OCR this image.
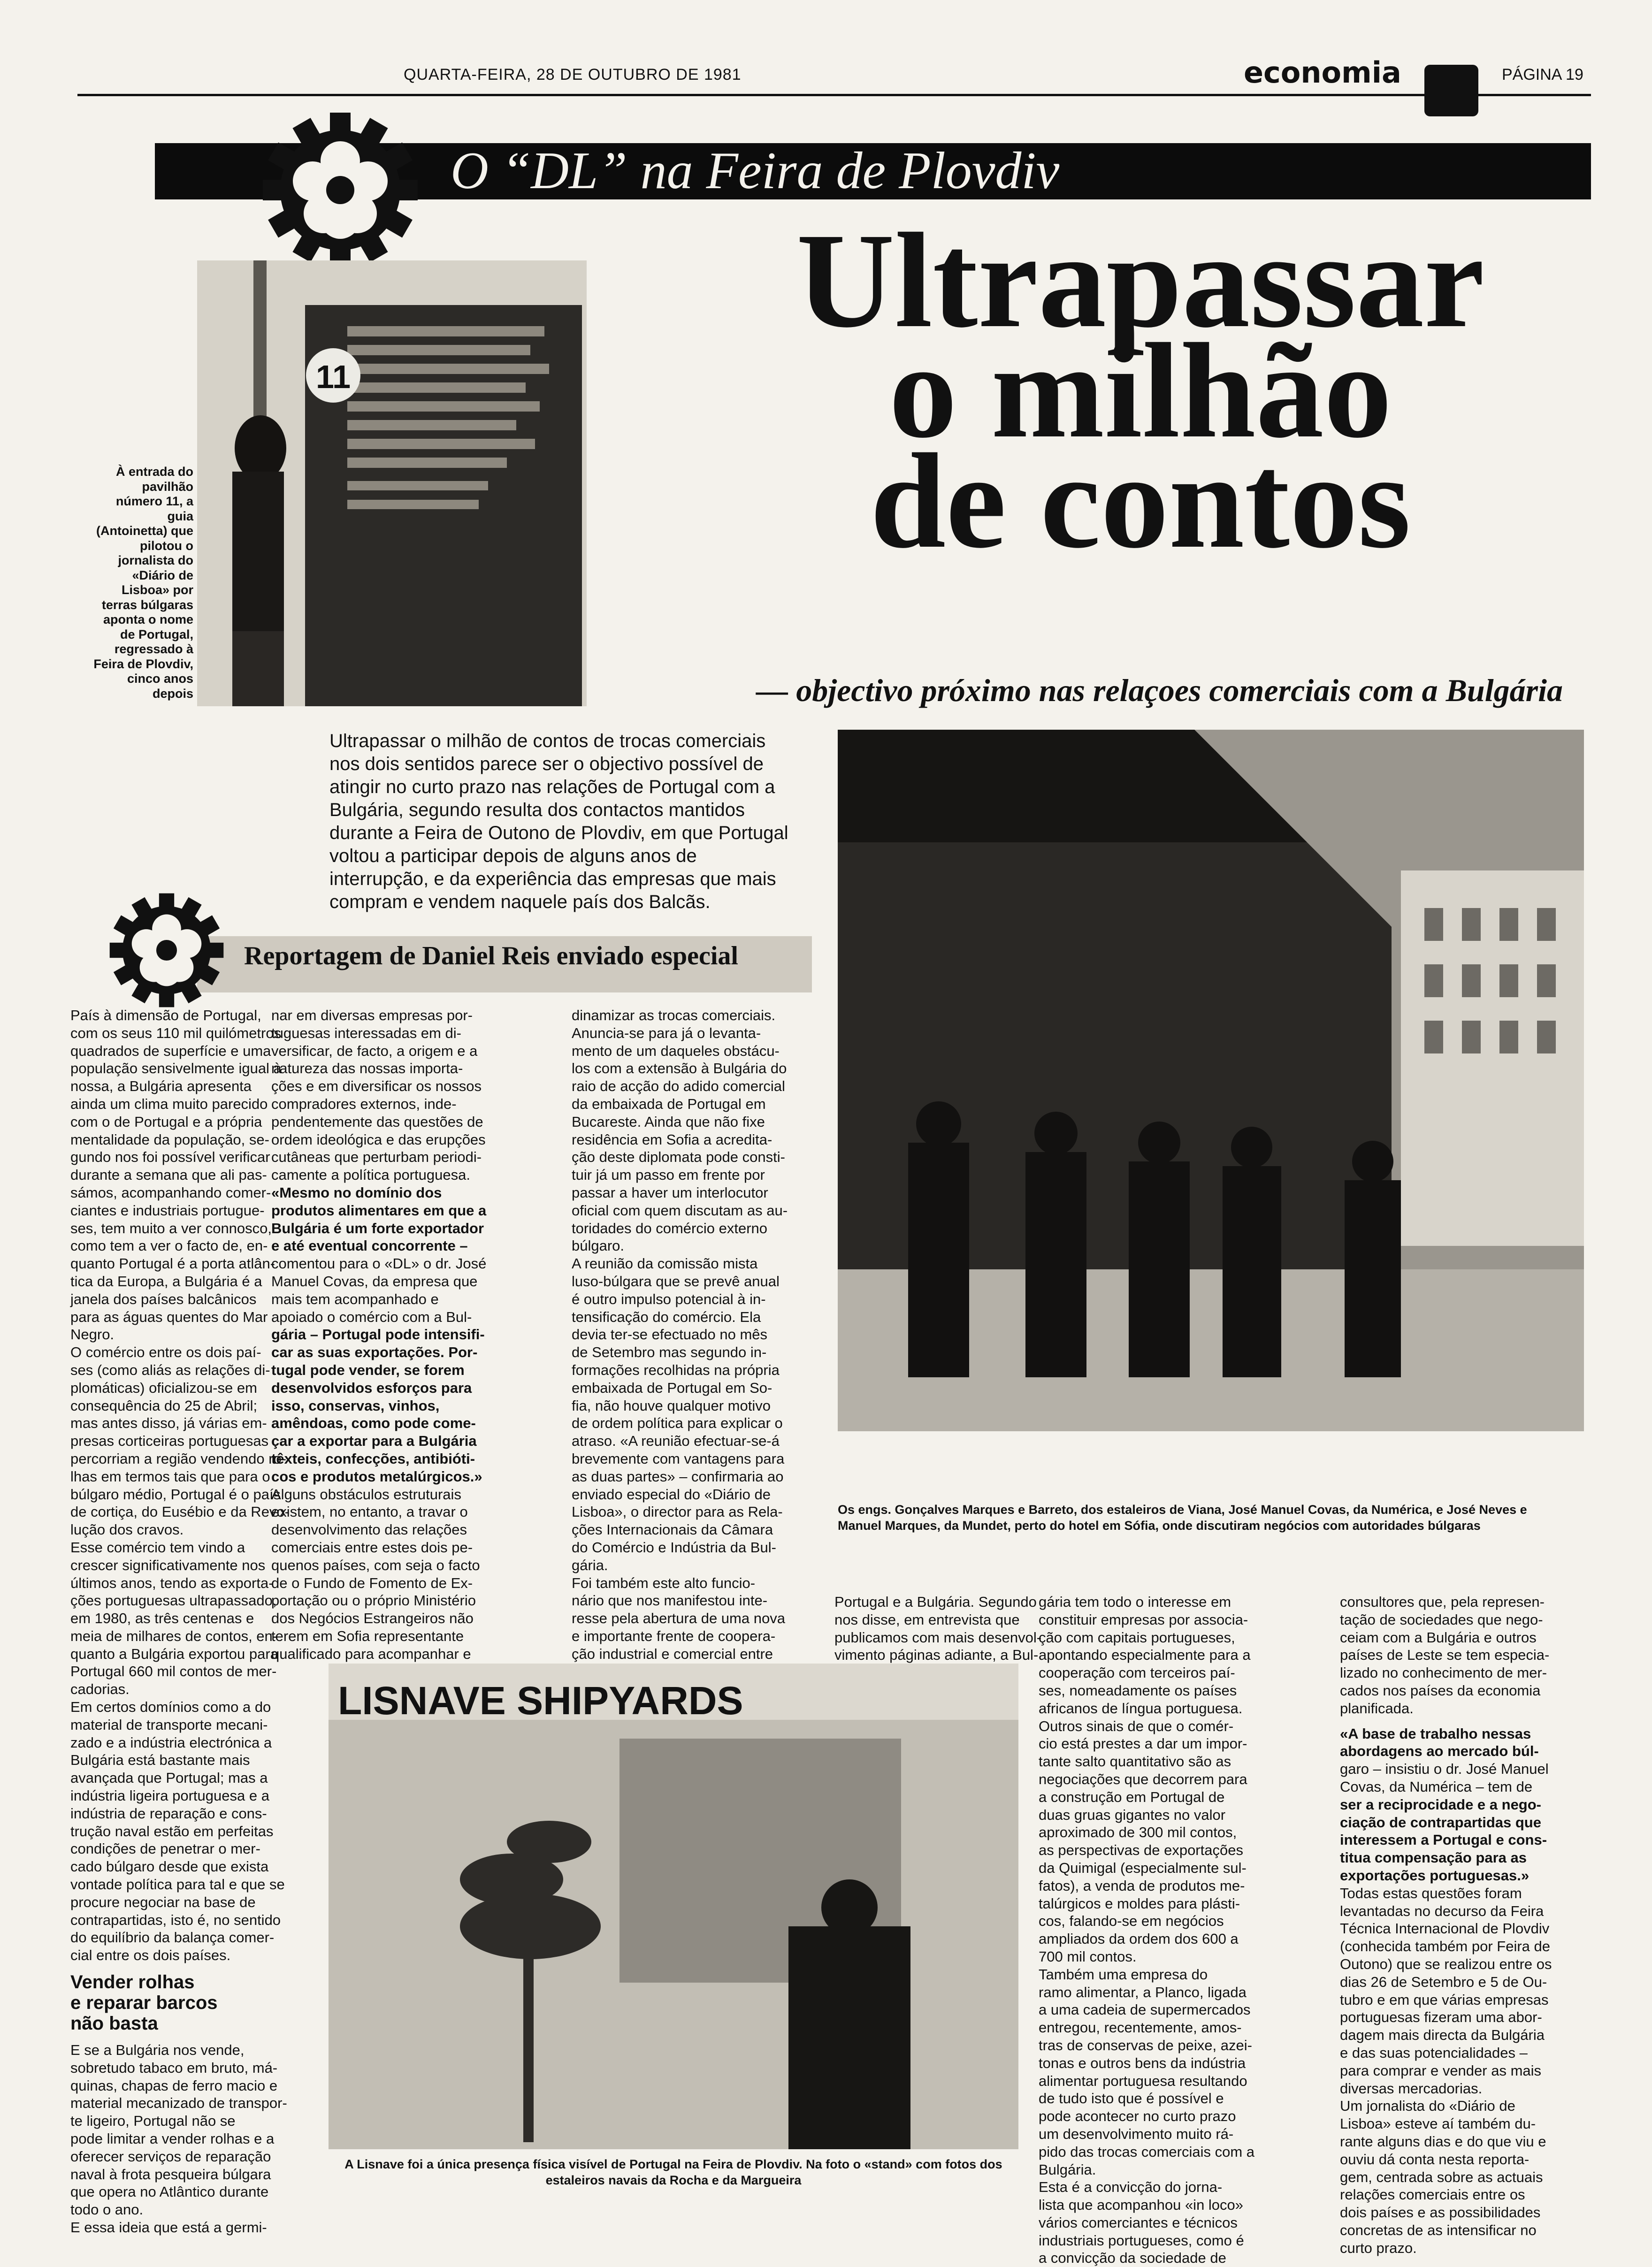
QUARTA-FEIRA, 28 DE OUTUBRO DE 1981	economia	PÁGINA 19
O “DL” na Feira de Plovdiv
11
À entrada do
pavilhão
número 11, a
guia
(Antoinetta) que
pilotou o
jornalista do
«Diário de
Lisboa» por
terras búlgaras
aponta o nome
de Portugal,
regressado à
Feira de Plovdiv,
cinco anos
depois
Ultrapassar
o milhão
de contos
— objectivo próximo nas relaçoes comerciais com a Bulgária
Ultrapassar o milhão de contos de trocas comerciais
nos dois sentidos parece ser o objectivo possível de
atingir no curto prazo nas relações de Portugal com a
Bulgária, segundo resulta dos contactos mantidos
durante a Feira de Outono de Plovdiv, em que Portugal
voltou a participar depois de alguns anos de
interrupção, e da experiência das empresas que mais
compram e vendem naquele país dos Balcãs.
Reportagem de Daniel Reis enviado especial
País à dimensão de Portugal,
com os seus 110 mil quilómetros
quadrados de superfície e uma
população sensivelmente igual à
nossa, a Bulgária apresenta
ainda um clima muito parecido
com o de Portugal e a própria
mentalidade da população, se-
gundo nos foi possível verificar
durante a semana que ali pas-
sámos, acompanhando comer-
ciantes e industriais portugue-
ses, tem muito a ver connosco,
como tem a ver o facto de, en-
quanto Portugal é a porta atlân-
tica da Europa, a Bulgária é a
janela dos países balcânicos
para as águas quentes do Mar
Negro.
O comércio entre os dois paí-
ses (como aliás as relações di-
plomáticas) oficializou-se em
consequência do 25 de Abril;
mas antes disso, já várias em-
presas corticeiras portuguesas
percorriam a região vendendo ro-
lhas em termos tais que para o
búlgaro médio, Portugal é o país
de cortiça, do Eusébio e da Revo-
lução dos cravos.
Esse comércio tem vindo a
crescer significativamente nos
últimos anos, tendo as exporta-
ções portuguesas ultrapassado,
em 1980, as três centenas e
meia de milhares de contos, en-
quanto a Bulgária exportou para
Portugal 660 mil contos de mer-
cadorias.
Em certos domínios como a do
material de transporte mecani-
zado e a indústria electrónica a
Bulgária está bastante mais
avançada que Portugal; mas a
indústria ligeira portuguesa e a
indústria de reparação e cons-
trução naval estão em perfeitas
condições de penetrar o mer-
cado búlgaro desde que exista
vontade política para tal e que se
procure negociar na base de
contrapartidas, isto é, no sentido
do equilíbrio da balança comer-
cial entre os dois países.
Vender rolhas
e reparar barcos
não basta
E se a Bulgária nos vende,
sobretudo tabaco em bruto, má-
quinas, chapas de ferro macio e
material mecanizado de transpor-
te ligeiro, Portugal não se
pode limitar a vender rolhas e a
oferecer serviços de reparação
naval à frota pesqueira búlgara
que opera no Atlântico durante
todo o ano.
E essa ideia que está a germi-
nar em diversas empresas por-
tuguesas interessadas em di-
versificar, de facto, a origem e a
natureza das nossas importa-
ções e em diversificar os nossos
compradores externos, inde-
pendentemente das questões de
ordem ideológica e das erupções
cutâneas que perturbam periodi-
camente a política portuguesa.
«Mesmo no domínio dos
produtos alimentares em que a
Bulgária é um forte exportador
e até eventual concorrente –
comentou para o «DL» o dr. José
Manuel Covas, da empresa que
mais tem acompanhado e
apoiado o comércio com a Bul-
gária – Portugal pode intensifi-
car as suas exportações. Por-
tugal pode vender, se forem
desenvolvidos esforços para
isso, conservas, vinhos,
amêndoas, como pode come-
çar a exportar para a Bulgária
têxteis, confecções, antibióti-
cos e produtos metalúrgicos.»
Alguns obstáculos estruturais
existem, no entanto, a travar o
desenvolvimento das relações
comerciais entre estes dois pe-
quenos países, com seja o facto
de o Fundo de Fomento de Ex-
portação ou o próprio Ministério
dos Negócios Estrangeiros não
terem em Sofia representante
qualificado para acompanhar e
dinamizar as trocas comerciais.
Anuncia-se para já o levanta-
mento de um daqueles obstácu-
los com a extensão à Bulgária do
raio de acção do adido comercial
da embaixada de Portugal em
Bucareste. Ainda que não fixe
residência em Sofia a acredita-
ção deste diplomata pode consti-
tuir já um passo em frente por
passar a haver um interlocutor
oficial com quem discutam as au-
toridades do comércio externo
búlgaro.
A reunião da comissão mista
luso-búlgara que se prevê anual
é outro impulso potencial à in-
tensificação do comércio. Ela
devia ter-se efectuado no mês
de Setembro mas segundo in-
formações recolhidas na própria
embaixada de Portugal em So-
fia, não houve qualquer motivo
de ordem política para explicar o
atraso. «A reunião efectuar-se-á
brevemente com vantagens para
as duas partes» – confirmaria ao
enviado especial do «Diário de
Lisboa», o director para as Rela-
ções Internacionais da Câmara
do Comércio e Indústria da Bul-
gária.
Foi também este alto funcio-
nário que nos manifestou inte-
resse pela abertura de uma nova
e importante frente de coopera-
ção industrial e comercial entre
Portugal e a Bulgária. Segundo
nos disse, em entrevista que
publicamos com mais desenvol-
vimento páginas adiante, a Bul-
gária tem todo o interesse em
constituir empresas por associa-
ção com capitais portugueses,
apontando especialmente para a
cooperação com terceiros paí-
ses, nomeadamente os países
africanos de língua portuguesa.
Outros sinais de que o comér-
cio está prestes a dar um impor-
tante salto quantitativo são as
negociações que decorrem para
a construção em Portugal de
duas gruas gigantes no valor
aproximado de 300 mil contos,
as perspectivas de exportações
da Quimigal (especialmente sul-
fatos), a venda de produtos me-
talúrgicos e moldes para plásti-
cos, falando-se em negócios
ampliados da ordem dos 600 a
700 mil contos.
Também uma empresa do
ramo alimentar, a Planco, ligada
a uma cadeia de supermercados
entregou, recentemente, amos-
tras de conservas de peixe, azei-
tonas e outros bens da indústria
alimentar portuguesa resultando
de tudo isto que é possível e
pode acontecer no curto prazo
um desenvolvimento muito rá-
pido das trocas comerciais com a
Bulgária.
Esta é a convicção do jorna-
lista que acompanhou «in loco»
vários comerciantes e técnicos
industriais portugueses, como é
a convicção da sociedade de
consultores que, pela represen-
tação de sociedades que nego-
ceiam com a Bulgária e outros
países de Leste se tem especia-
lizado no conhecimento de mer-
cados nos países da economia
planificada.
«A base de trabalho nessas
abordagens ao mercado búl-
garo – insistiu o dr. José Manuel
Covas, da Numérica – tem de
ser a reciprocidade e a nego-
ciação de contrapartidas que
interessem a Portugal e cons-
titua compensação para as
exportações portuguesas.»
Todas estas questões foram
levantadas no decurso da Feira
Técnica Internacional de Plovdiv
(conhecida também por Feira de
Outono) que se realizou entre os
dias 26 de Setembro e 5 de Ou-
tubro e em que várias empresas
portuguesas fizeram uma abor-
dagem mais directa da Bulgária
e das suas potencialidades –
para comprar e vender as mais
diversas mercadorias.
Um jornalista do «Diário de
Lisboa» esteve aí também du-
rante alguns dias e do que viu e
ouviu dá conta nesta reporta-
gem, centrada sobre as actuais
relações comerciais entre os
dois países e as possibilidades
concretas de as intensificar no
curto prazo.
Os engs. Gonçalves Marques e Barreto, dos estaleiros de Viana, José Manuel Covas, da Numérica, e José Neves e
Manuel Marques, da Mundet, perto do hotel em Sófia, onde discutiram negócios com autoridades búlgaras
LISNAVE SHIPYARDS
A Lisnave foi a única presença física visível de Portugal na Feira de Plovdiv. Na foto o «stand» com fotos dos
estaleiros navais da Rocha e da Margueira
